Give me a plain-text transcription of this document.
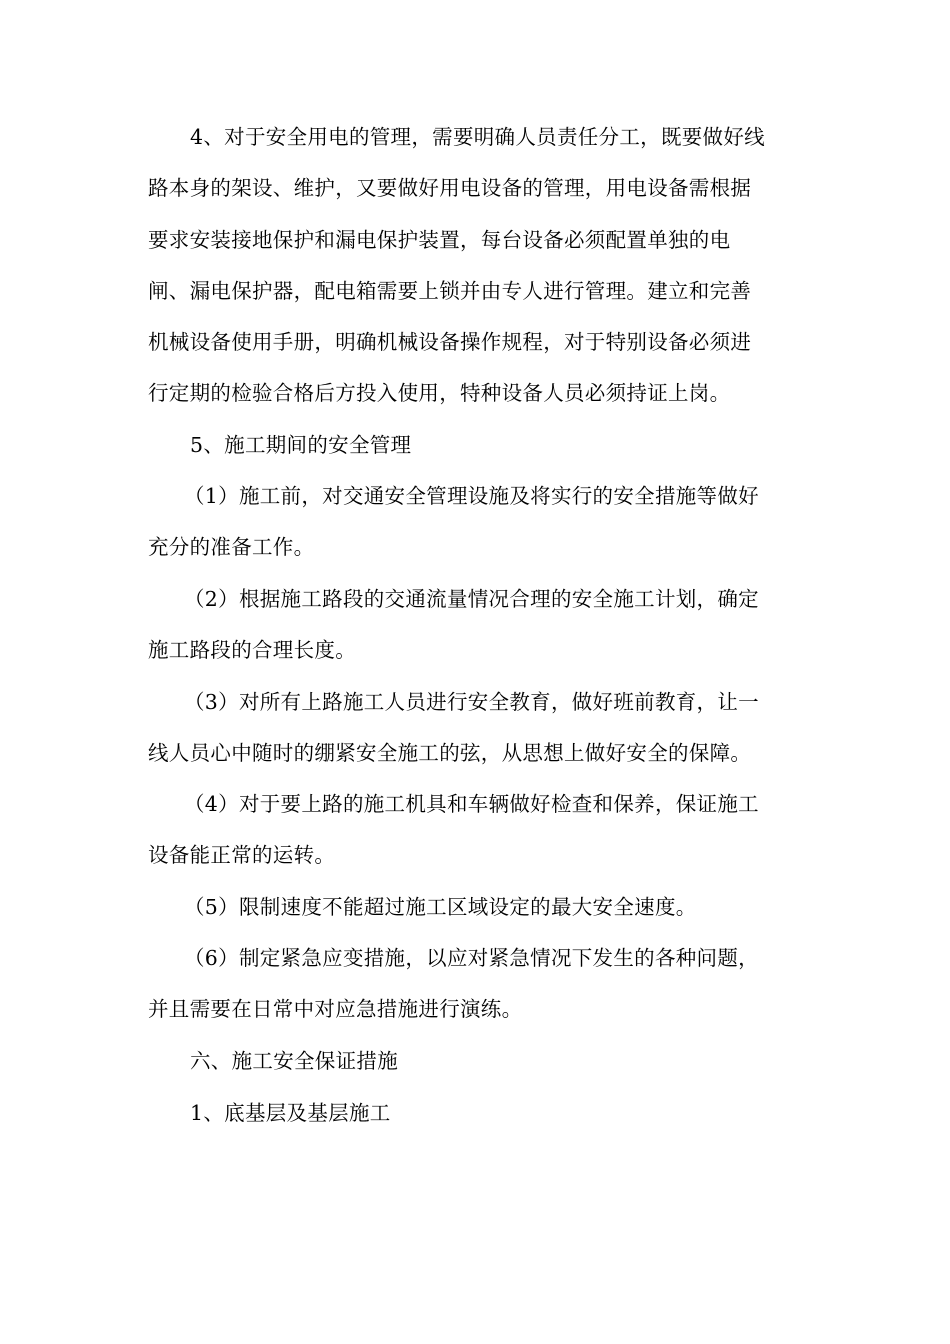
4、对于安全用电的管理，需要明确人员责任分工，既要做好线
路本身的架设、维护，又要做好用电设备的管理，用电设备需根据
要求安装接地保护和漏电保护装置，每台设备必须配置单独的电
闸、漏电保护器，配电箱需要上锁并由专人进行管理。建立和完善
机械设备使用手册，明确机械设备操作规程，对于特别设备必须进
行定期的检验合格后方投入使用，特种设备人员必须持证上岗。
5、施工期间的安全管理
（1）施工前，对交通安全管理设施及将实行的安全措施等做好
充分的准备工作。
（2）根据施工路段的交通流量情况合理的安全施工计划，确定
施工路段的合理长度。
（3）对所有上路施工人员进行安全教育，做好班前教育，让一
线人员心中随时的绷紧安全施工的弦，从思想上做好安全的保障。
（4）对于要上路的施工机具和车辆做好检查和保养，保证施工
设备能正常的运转。
（5）限制速度不能超过施工区域设定的最大安全速度。
（6）制定紧急应变措施，以应对紧急情况下发生的各种问题，
并且需要在日常中对应急措施进行演练。
六、施工安全保证措施
1、底基层及基层施工
